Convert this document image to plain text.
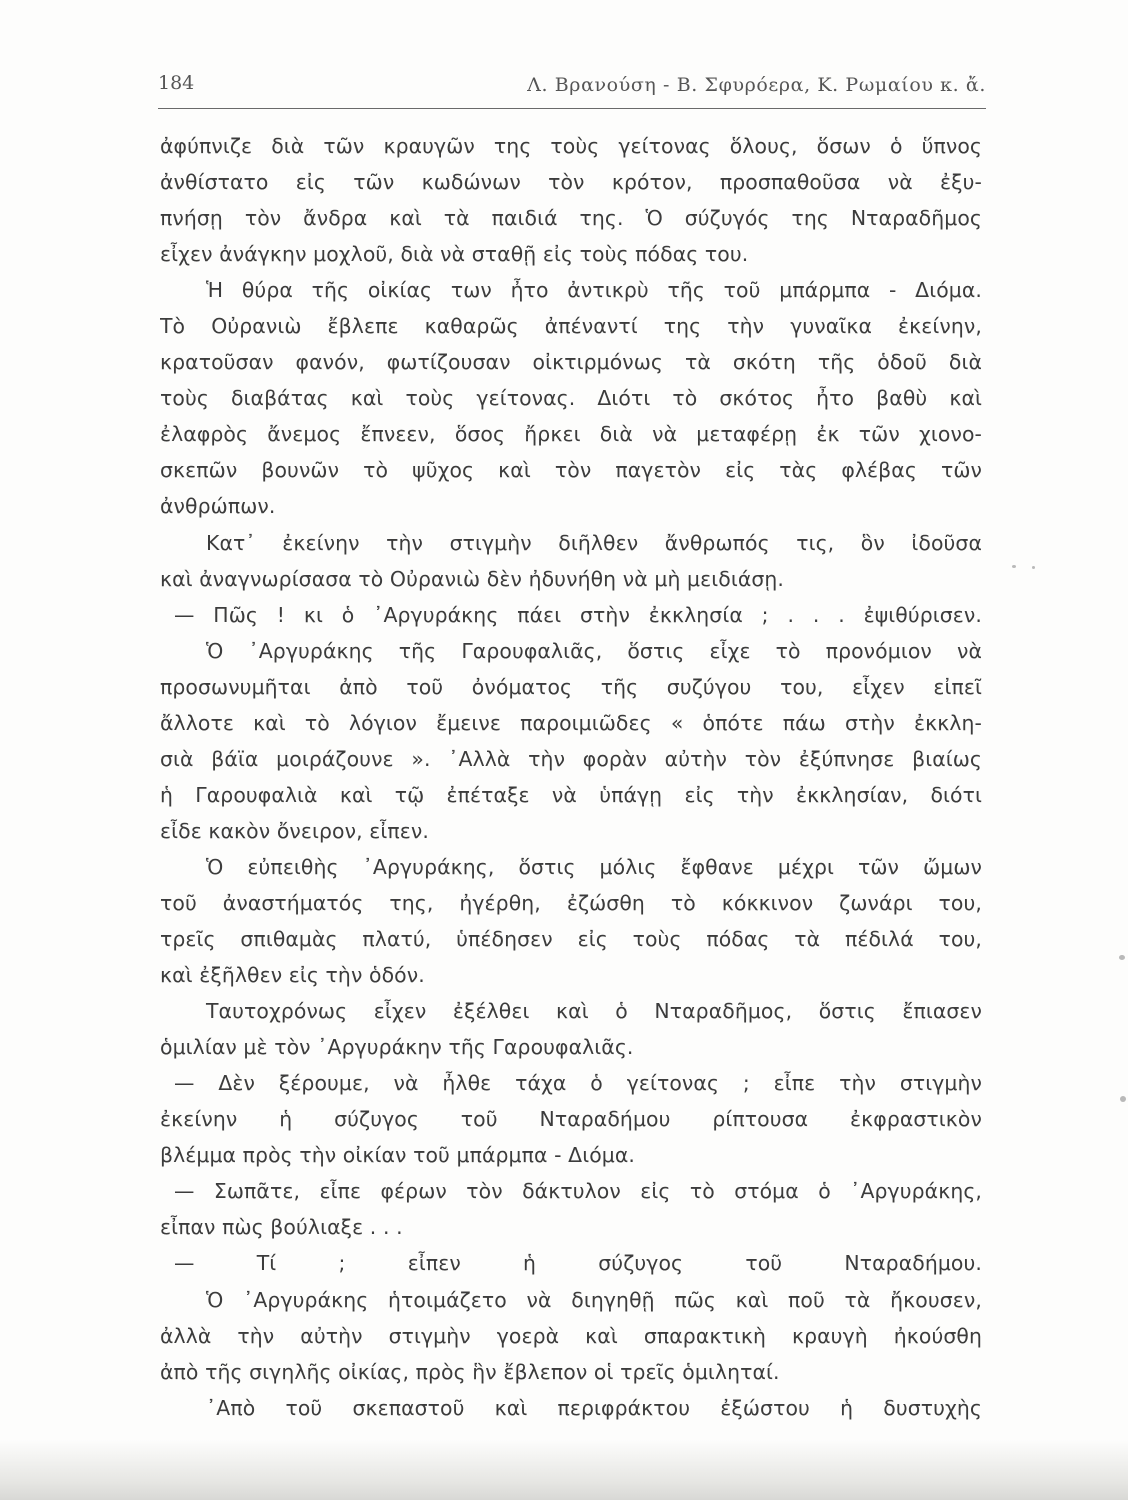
184	Λ. Βρανούση - Β. Σφυρόερα, Κ. Ρωμαίου κ. ἄ.
ἀφύπνιζε διὰ τῶν κραυγῶν της τοὺς γείτονας ὅλους, ὅσων ὁ ὕπνος
ἀνθίστατο εἰς τῶν κωδώνων τὸν κρότον, προσπαθοῦσα νὰ ἐξυ-
πνήσῃ τὸν ἄνδρα καὶ τὰ παιδιά της. Ὁ σύζυγός της Νταραδῆμος
εἶχεν ἀνάγκην μοχλοῦ, διὰ νὰ σταθῇ εἰς τοὺς πόδας του.
Ἡ θύρα τῆς οἰκίας των ἦτο ἀντικρὺ τῆς τοῦ μπάρμπα - Διόμα.
Τὸ Οὐρανιὼ ἔβλεπε καθαρῶς ἀπέναντί της τὴν γυναῖκα ἐκείνην,
κρατοῦσαν φανόν, φωτίζουσαν οἰκτιρμόνως τὰ σκότη τῆς ὁδοῦ διὰ
τοὺς διαβάτας καὶ τοὺς γείτονας. Διότι τὸ σκότος ἦτο βαθὺ καὶ
ἐλαφρὸς ἄνεμος ἔπνεεν, ὅσος ἤρκει διὰ νὰ μεταφέρῃ ἐκ τῶν χιονο-
σκεπῶν βουνῶν τὸ ψῦχος καὶ τὸν παγετὸν εἰς τὰς φλέβας τῶν
ἀνθρώπων.
Κατ᾽ ἐκείνην τὴν στιγμὴν διῆλθεν ἄνθρωπός τις, ὃν ἰδοῦσα
καὶ ἀναγνωρίσασα τὸ Οὐρανιὼ δὲν ἠδυνήθη νὰ μὴ μειδιάσῃ.
— Πῶς ! κι ὁ ᾿Αργυράκης πάει στὴν ἐκκλησία ; . . . ἐψιθύρισεν.
Ὁ ᾿Αργυράκης τῆς Γαρουφαλιᾶς, ὅστις εἶχε τὸ προνόμιον νὰ
προσωνυμῆται ἀπὸ τοῦ ὀνόματος τῆς συζύγου του, εἶχεν εἰπεῖ
ἄλλοτε καὶ τὸ λόγιον ἔμεινε παροιμιῶδες « ὁπότε πάω στὴν ἐκκλη-
σιὰ βάϊα μοιράζουνε ». ᾿Αλλὰ τὴν φορὰν αὐτὴν τὸν ἐξύπνησε βιαίως
ἡ Γαρουφαλιὰ καὶ τῷ ἐπέταξε νὰ ὑπάγῃ εἰς τὴν ἐκκλησίαν, διότι
εἶδε κακὸν ὄνειρον, εἶπεν.
Ὁ εὐπειθὴς ᾿Αργυράκης, ὅστις μόλις ἔφθανε μέχρι τῶν ὤμων
τοῦ ἀναστήματός της, ἠγέρθη, ἐζώσθη τὸ κόκκινον ζωνάρι του,
τρεῖς σπιθαμὰς πλατύ, ὑπέδησεν εἰς τοὺς πόδας τὰ πέδιλά του,
καὶ ἐξῆλθεν εἰς τὴν ὁδόν.
Ταυτοχρόνως εἶχεν ἐξέλθει καὶ ὁ Νταραδῆμος, ὅστις ἔπιασεν
ὁμιλίαν μὲ τὸν ᾿Αργυράκην τῆς Γαρουφαλιᾶς.
— Δὲν ξέρουμε, νὰ ἦλθε τάχα ὁ γείτονας ; εἶπε τὴν στιγμὴν
ἐκείνην ἡ σύζυγος τοῦ Νταραδήμου ρίπτουσα ἐκφραστικὸν
βλέμμα πρὸς τὴν οἰκίαν τοῦ μπάρμπα - Διόμα.
— Σωπᾶτε, εἶπε φέρων τὸν δάκτυλον εἰς τὸ στόμα ὁ ᾿Αργυράκης,
εἶπαν πὼς βούλιαξε . . .
— Τί ; εἶπεν ἡ σύζυγος τοῦ Νταραδήμου.
Ὁ ᾿Αργυράκης ἡτοιμάζετο νὰ διηγηθῇ πῶς καὶ ποῦ τὰ ἤκουσεν,
ἀλλὰ τὴν αὐτὴν στιγμὴν γοερὰ καὶ σπαρακτικὴ κραυγὴ ἠκούσθη
ἀπὸ τῆς σιγηλῆς οἰκίας, πρὸς ἣν ἔβλεπον οἱ τρεῖς ὁμιληταί.
᾿Απὸ τοῦ σκεπαστοῦ καὶ περιφράκτου ἐξώστου ἡ δυστυχὴς
